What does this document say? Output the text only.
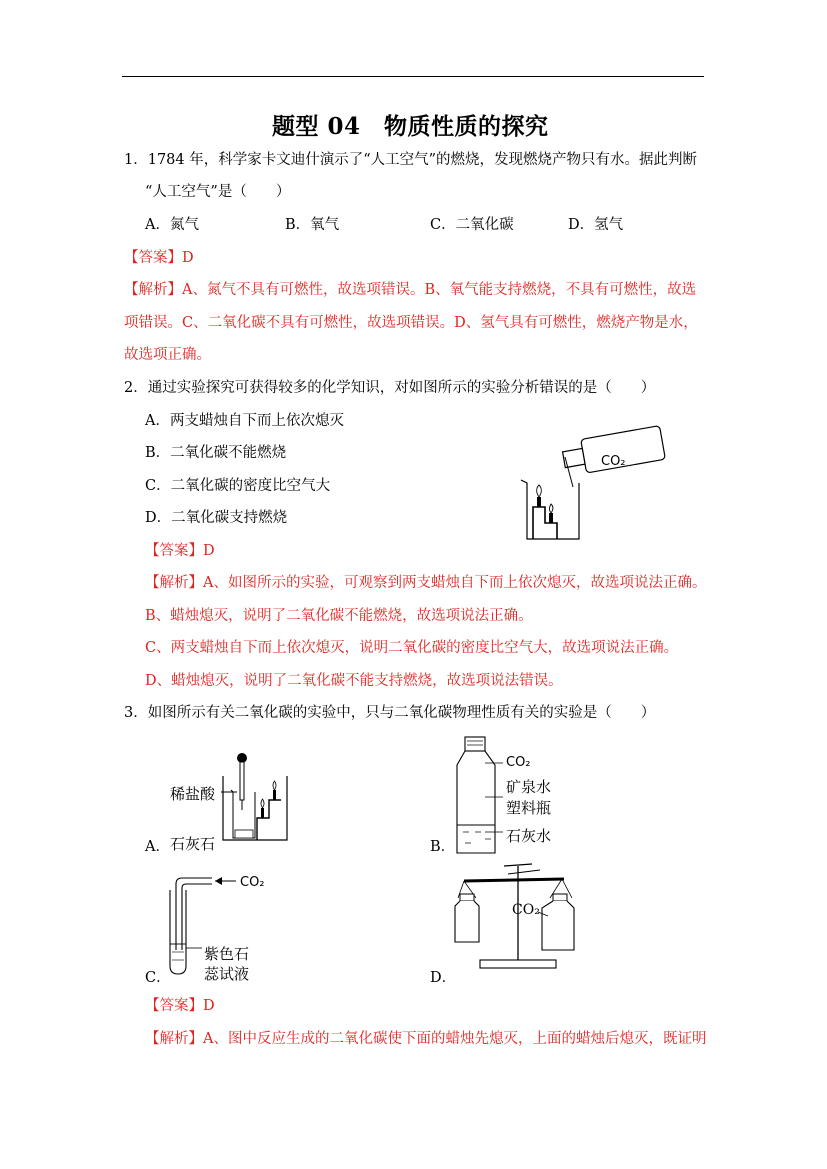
题型 04　物质性质的探究
1．1784 年，科学家卡文迪什演示了“人工空气”的燃烧，发现燃烧产物只有水。据此判断
“人工空气”是（　　）
A．氮气	B．氧气	C．二氧化碳	D．氢气
【答案】D
【解析】A、氮气不具有可燃性，故选项错误。B、氧气能支持燃烧，不具有可燃性，故选
项错误。C、二氧化碳不具有可燃性，故选项错误。D、氢气具有可燃性，燃烧产物是水，
故选项正确。
2．通过实验探究可获得较多的化学知识，对如图所示的实验分析错误的是（　　）
A．两支蜡烛自下而上依次熄灭
B．二氧化碳不能燃烧
C．二氧化碳的密度比空气大
D．二氧化碳支持燃烧
CO₂
【答案】D
【解析】A、如图所示的实验，可观察到两支蜡烛自下而上依次熄灭，故选项说法正确。
B、蜡烛熄灭，说明了二氧化碳不能燃烧，故选项说法正确。
C、两支蜡烛自下而上依次熄灭，说明二氧化碳的密度比空气大，故选项说法正确。
D、蜡烛熄灭，说明了二氧化碳不能支持燃烧，故选项说法错误。
3．如图所示有关二氧化碳的实验中，只与二氧化碳物理性质有关的实验是（　　）
A．
稀盐酸
石灰石	B．
CO₂
矿泉水
塑料瓶
石灰水
C．
CO₂
紫色石
蕊试液	D．
CO₂
【答案】D
【解析】A、图中反应生成的二氧化碳使下面的蜡烛先熄灭，上面的蜡烛后熄灭，既证明
